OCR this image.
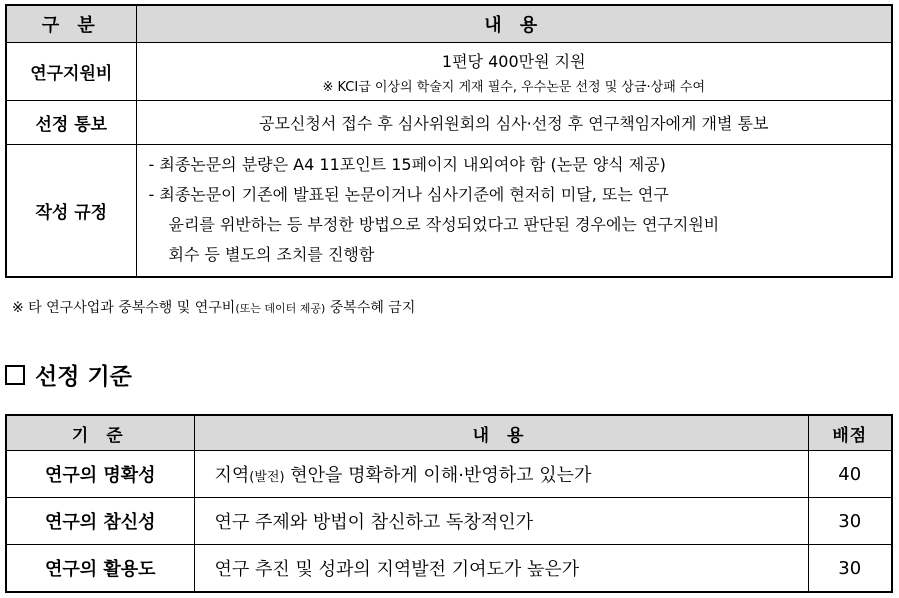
구 분	내 용
연구지원비	1편당 400만원 지원
※ KCI급 이상의 학술지 게재 필수, 우수논문 선정 및 상금·상패 수여

선정 통보	공모신청서 접수 후 심사위원회의 심사·선정 후 연구책임자에게 개별 통보

작성 규정	- 최종논문의 분량은 A4 11포인트 15페이지 내외여야 함 (논문 양식 제공)
- 최종논문이 기존에 발표된 논문이거나 심사기준에 현저히 미달, 또는 연구
윤리를 위반하는 등 부정한 방법으로 작성되었다고 판단된 경우에는 연구지원비
회수 등 별도의 조치를 진행함
※ 타 연구사업과 중복수행 및 연구비(또는 데이터 제공) 중복수혜 금지
선정 기준
기 준	내 용	배점
연구의 명확성	지역(발전) 현안을 명확하게 이해·반영하고 있는가	40
연구의 참신성	연구 주제와 방법이 참신하고 독창적인가	30
연구의 활용도	연구 추진 및 성과의 지역발전 기여도가 높은가	30
